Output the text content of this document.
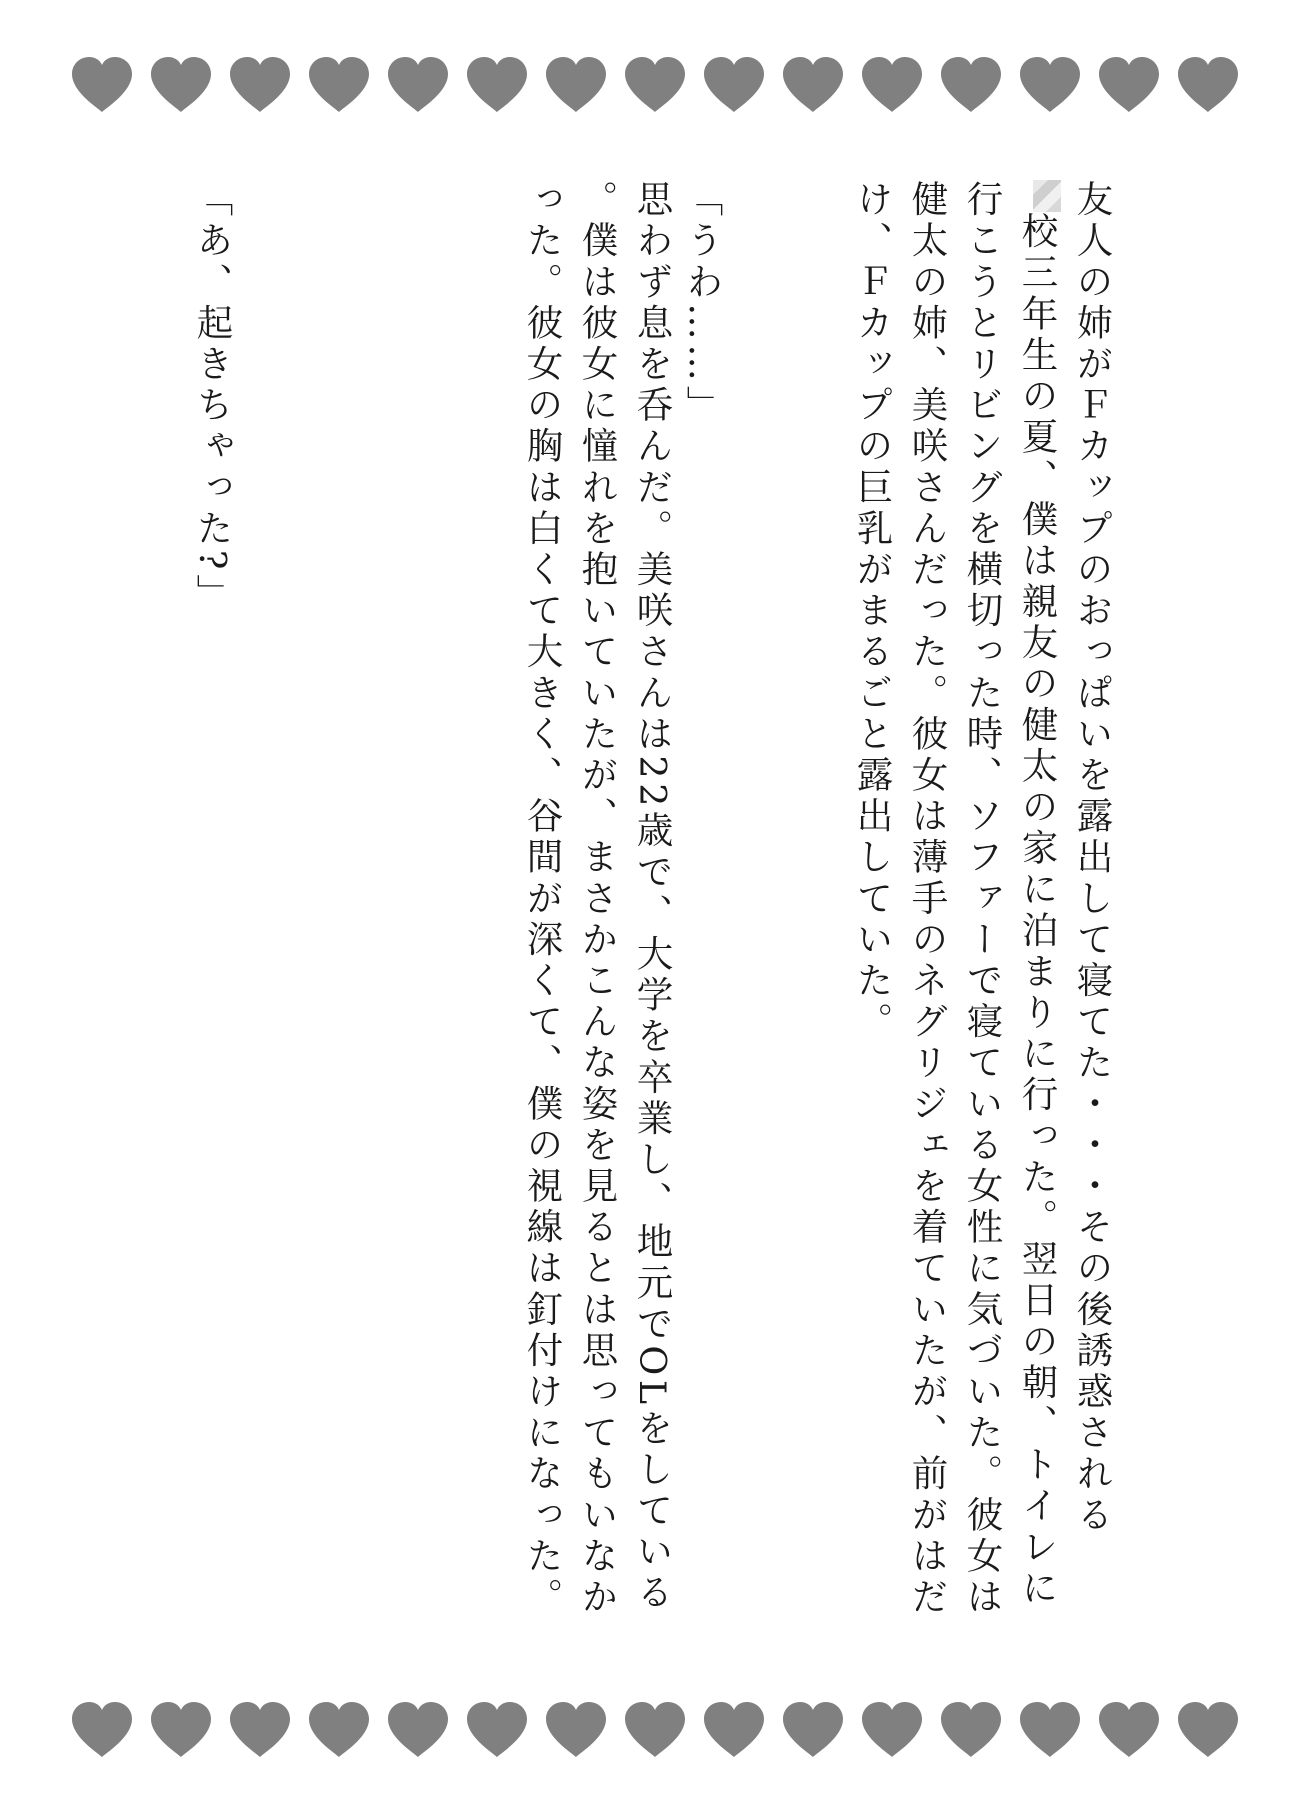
友人の姉がＦカップのおっぱいを露出して寝てた・・・その後誘惑される
校三年生の夏、僕は親友の健太の家に泊まりに行った。翌日の朝、トイレに行こうとリビングを横切った時、ソファーで寝ている女性に気づいた。彼女は健太の姉、美咲さんだった。彼女は薄手のネグリジェを着ていたが、前がはだけ、Ｆカップの巨乳がまるごと露出していた。
「うわ……」
思わず息を呑んだ。美咲さんは22歳で、大学を卒業し、地元でOLをしている。僕は彼女に憧れを抱いていたが、まさかこんな姿を見るとは思ってもいなかった。彼女の胸は白くて大きく、谷間が深くて、僕の視線は釘付けになった。
「あ、起きちゃった?」
